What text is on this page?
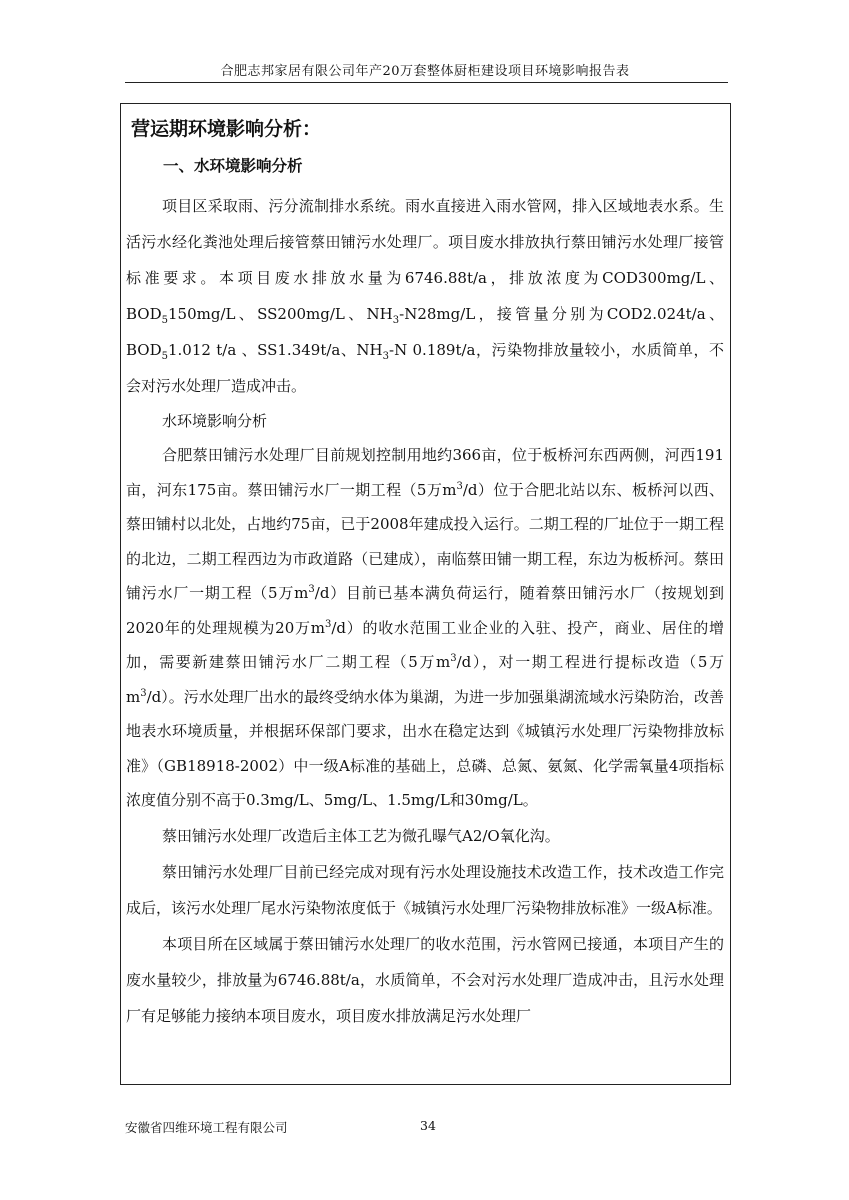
合肥志邦家居有限公司年产20万套整体厨柜建设项目环境影响报告表
营运期环境影响分析：
一、水环境影响分析

项目区采取雨、污分流制排水系统。雨水直接进入雨水管网，排入区域地表水系。生活污水经化粪池处理后接管蔡田铺污水处理厂。项目废水排放执行蔡田铺污水处理厂接管标准要求。本项目废水排放水量为6746.88t/a，排放浓度为COD300mg/L、$BOD_5150mg/L$、SS200mg/L、$NH_3-N28mg/L$，接管量分别为COD2.024t/a、$BOD_51.012$ t/a 、SS1.349t/a、$NH_3-N$ 0.189t/a，污染物排放量较小，水质简单，不会对污水处理厂造成冲击。

水环境影响分析

合肥蔡田铺污水处理厂目前规划控制用地约366亩，位于板桥河东西两侧，河西191亩，河东175亩。蔡田铺污水厂一期工程（5万$m^3/d$）位于合肥北站以东、板桥河以西、蔡田铺村以北处，占地约75亩，已于2008年建成投入运行。二期工程的厂址位于一期工程的北边，二期工程西边为市政道路（已建成），南临蔡田铺一期工程，东边为板桥河。蔡田铺污水厂一期工程（5万$m^3/d$）目前已基本满负荷运行，随着蔡田铺污水厂（按规划到2020年的处理规模为20万$m^3/d$）的收水范围工业企业的入驻、投产，商业、居住的增加，需要新建蔡田铺污水厂二期工程（5万$m^3/d$），对一期工程进行提标改造（5万$m^3/d$）。污水处理厂出水的最终受纳水体为巢湖，为进一步加强巢湖流域水污染防治，改善地表水环境质量，并根据环保部门要求，出水在稳定达到《城镇污水处理厂污染物排放标准》（GB18918-2002）中一级A标准的基础上，总磷、总氮、氨氮、化学需氧量4项指标浓度值分别不高于0.3mg/L、5mg/L、1.5mg/L和30mg/L。

蔡田铺污水处理厂改造后主体工艺为微孔曝气A2/O氧化沟。

蔡田铺污水处理厂目前已经完成对现有污水处理设施技术改造工作，技术改造工作完成后，该污水处理厂尾水污染物浓度低于《城镇污水处理厂污染物排放标准》一级A标准。

本项目所在区域属于蔡田铺污水处理厂的收水范围，污水管网已接通，本项目产生的废水量较少，排放量为6746.88t/a，水质简单，不会对污水处理厂造成冲击，且污水处理厂有足够能力接纳本项目废水，项目废水排放满足污水处理厂

安徽省四维环境工程有限公司	34
